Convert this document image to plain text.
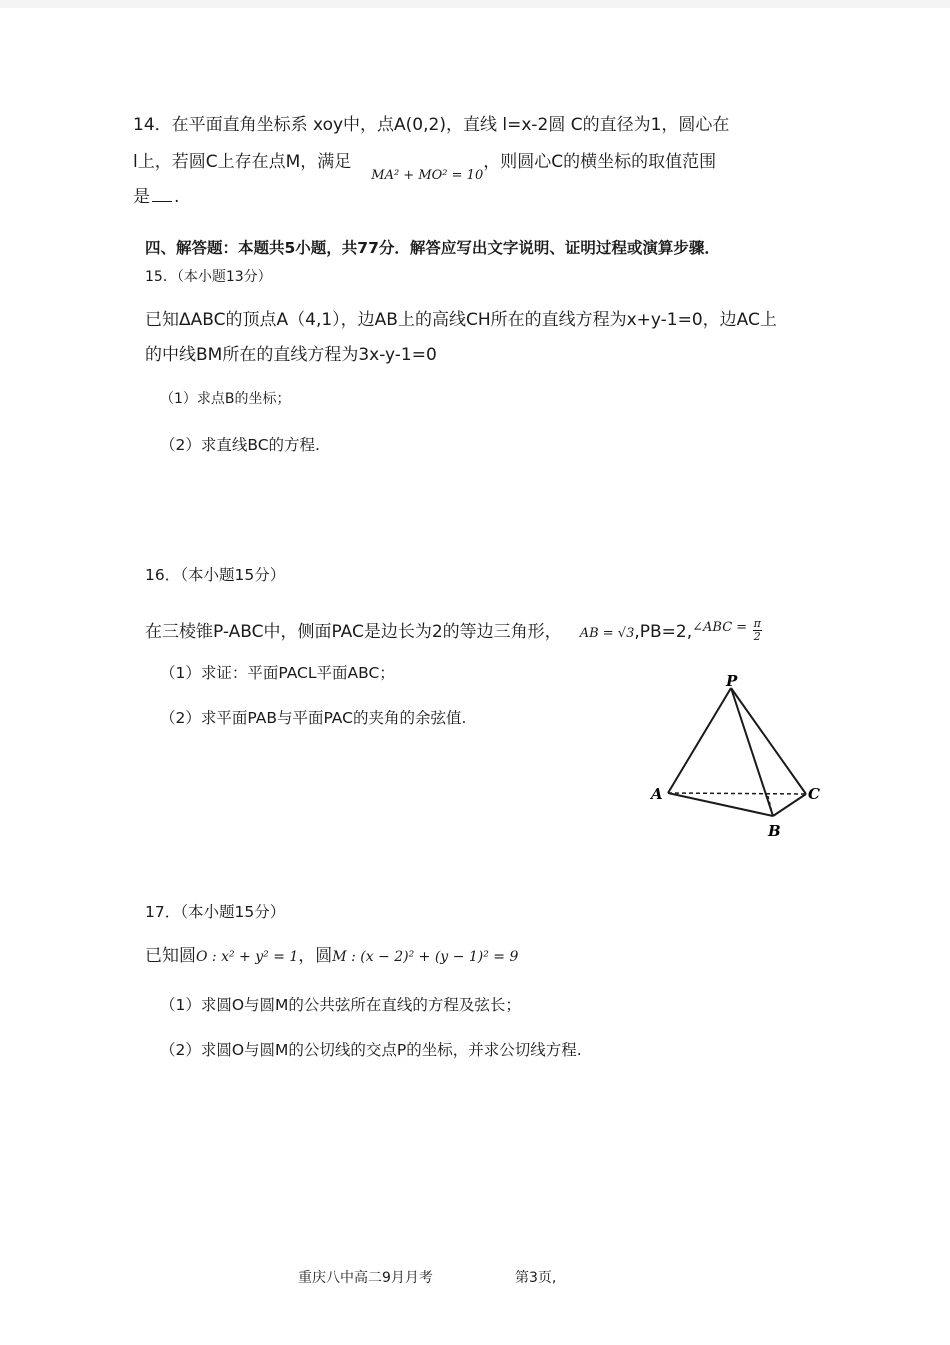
14．在平面直角坐标系 xoy中，点A(0,2)，直线 l=x-2圆 C的直径为1，圆心在
l上，若圆C上存在点M，满足$_{MA^2 + MO^2 = 10}$，则圆心C的横坐标的取值范围
是 .
四、解答题：本题共5小题，共77分．解答应写出文字说明、证明过程或演算步骤．
15．（本小题13分）
已知ΔABC的顶点A（4,1），边AB上的高线CH所在的直线方程为x+y-1=0，边AC上
的中线BM所在的直线方程为3x-y-1=0
（1）求点B的坐标；
（2）求直线BC的方程.
16．（本小题15分）
在三棱锥P-ABC中，侧面PAC是边长为2的等边三角形， AB = $√3,PB=2,^{\angle ABC =} \frac{\pi}{2}$
（1）求证：平面PACL平面ABC；
（2）求平面PAB与平面PAC的夹角的余弦值.
P
A
B
C
17．（本小题15分）
已知圆O : x² + y² = 1，圆M : (x − 2)² + (y − 1)² = 9
（1）求圆O与圆M的公共弦所在直线的方程及弦长；
（2）求圆O与圆M的公切线的交点P的坐标，并求公切线方程.
重庆八中高二9月月考	第3页,
